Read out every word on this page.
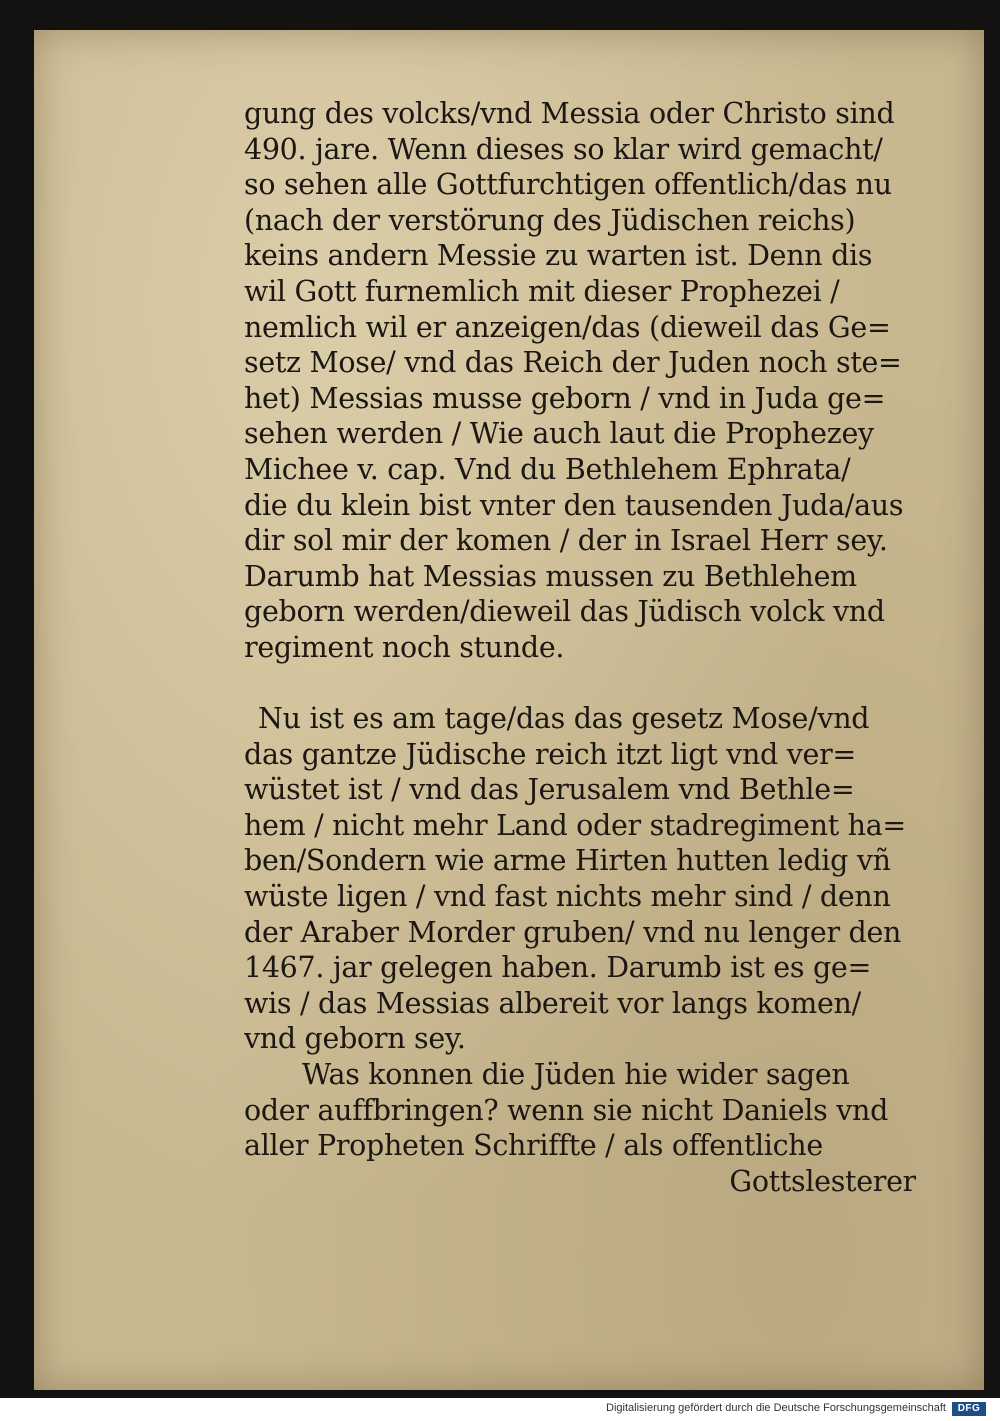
gung des volcks/vnd Messia oder Christo sind
490. jare. Wenn dieses so klar wird gemacht/
so sehen alle Gottfurchtigen offentlich/das nu
(nach der verstörung des Jüdischen reichs)
keins andern Messie zu warten ist. Denn dis
wil Gott furnemlich mit dieser Prophezei /
nemlich wil er anzeigen/das (dieweil das Ge=
setz Mose/ vnd das Reich der Juden noch ste=
het) Messias musse geborn / vnd in Juda ge=
sehen werden / Wie auch laut die Prophezey
Michee v. cap. Vnd du Bethlehem Ephrata/
die du klein bist vnter den tausenden Juda/aus
dir sol mir der komen / der in Israel Herr sey.
Darumb hat Messias mussen zu Bethlehem
geborn werden/dieweil das Jüdisch volck vnd
regiment noch stunde.
Nu ist es am tage/das das gesetz Mose/vnd
das gantze Jüdische reich itzt ligt vnd ver=
wüstet ist / vnd das Jerusalem vnd Bethle=
hem / nicht mehr Land oder stadregiment ha=
ben/Sondern wie arme Hirten hutten ledig vñ
wüste ligen / vnd fast nichts mehr sind / denn
der Araber Morder gruben/ vnd nu lenger den
1467. jar gelegen haben. Darumb ist es ge=
wis / das Messias albereit vor langs komen/
vnd geborn sey.
Was konnen die Jüden hie wider sagen
oder auffbringen? wenn sie nicht Daniels vnd
aller Propheten Schriffte / als offentliche
Gottslesterer
Digitalisierung gefördert durch die Deutsche Forschungsgemeinschaft	DFG
